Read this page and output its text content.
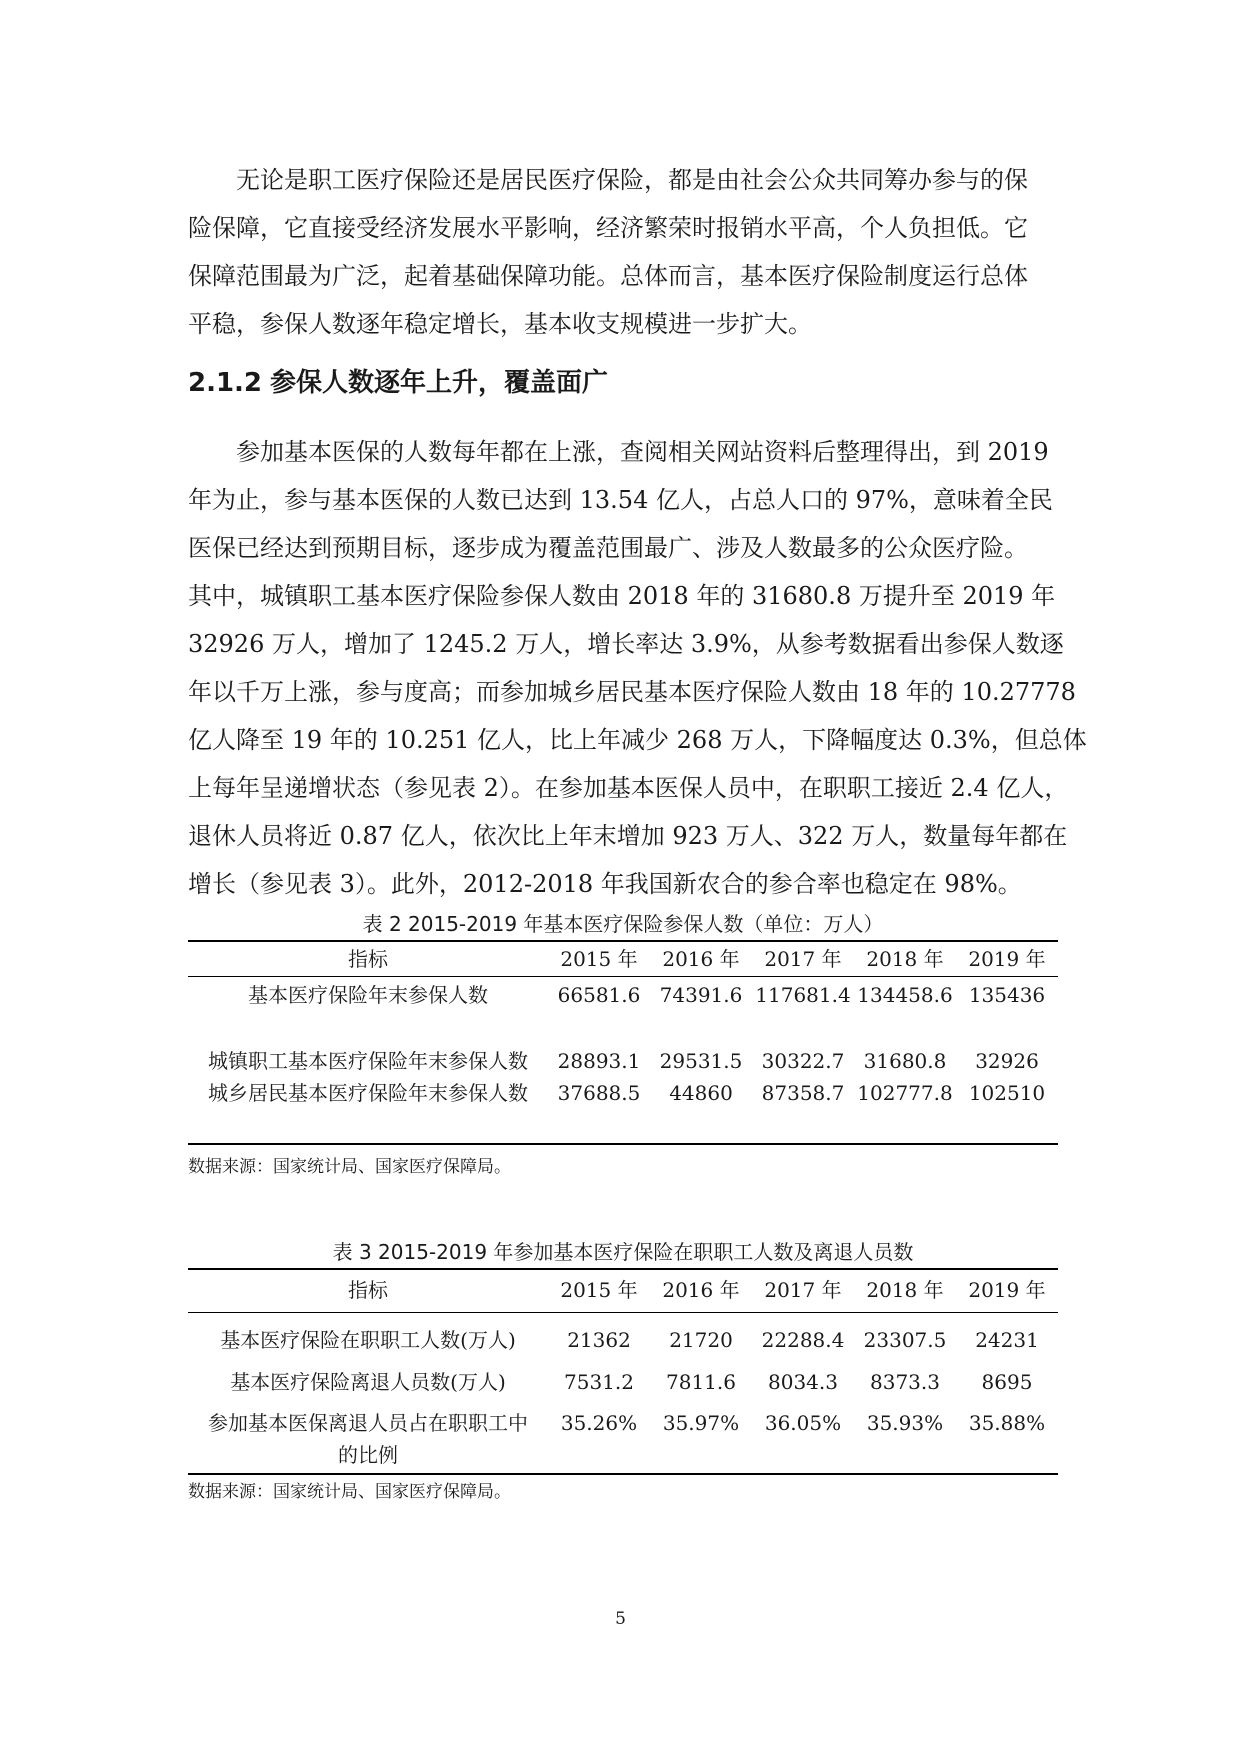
无论是职工医疗保险还是居民医疗保险，都是由社会公众共同筹办参与的保
险保障，它直接受经济发展水平影响，经济繁荣时报销水平高，个人负担低。它
保障范围最为广泛，起着基础保障功能。总体而言，基本医疗保险制度运行总体
平稳，参保人数逐年稳定增长，基本收支规模进一步扩大。
2.1.2 参保人数逐年上升，覆盖面广
参加基本医保的人数每年都在上涨，查阅相关网站资料后整理得出，到 2019
年为止，参与基本医保的人数已达到 13.54 亿人，占总人口的 97%，意味着全民
医保已经达到预期目标，逐步成为覆盖范围最广、涉及人数最多的公众医疗险。
其中，城镇职工基本医疗保险参保人数由 2018 年的 31680.8 万提升至 2019 年
32926 万人，增加了 1245.2 万人，增长率达 3.9%，从参考数据看出参保人数逐
年以千万上涨，参与度高；而参加城乡居民基本医疗保险人数由 18 年的 10.27778
亿人降至 19 年的 10.251 亿人，比上年减少 268 万人，下降幅度达 0.3%，但总体
上每年呈递增状态（参见表 2）。在参加基本医保人员中，在职职工接近 2.4 亿人，
退休人员将近 0.87 亿人，依次比上年末增加 923 万人、322 万人，数量每年都在
增长（参见表 3）。此外，2012-2018 年我国新农合的参合率也稳定在 98%。

表 2 2015-2019 年基本医疗保险参保人数（单位：万人）

指标	2015 年	2016 年	2017 年	2018 年	2019 年
基本医疗保险年末参保人数	66581.6	74391.6	117681.4	134458.6	135436
城镇职工基本医疗保险年末参保人数	28893.1	29531.5	30322.7	31680.8	32926
城乡居民基本医疗保险年末参保人数	37688.5	44860	87358.7	102777.8	102510

数据来源：国家统计局、国家医疗保障局。

表 3 2015-2019 年参加基本医疗保险在职职工人数及离退人员数

指标	2015 年	2016 年	2017 年	2018 年	2019 年
基本医疗保险在职职工人数(万人)	21362	21720	22288.4	23307.5	24231
基本医疗保险离退人员数(万人)	7531.2	7811.6	8034.3	8373.3	8695
参加基本医保离退人员占在职职工中的比例	35.26%	35.97%	36.05%	35.93%	35.88%

数据来源：国家统计局、国家医疗保障局。

5
